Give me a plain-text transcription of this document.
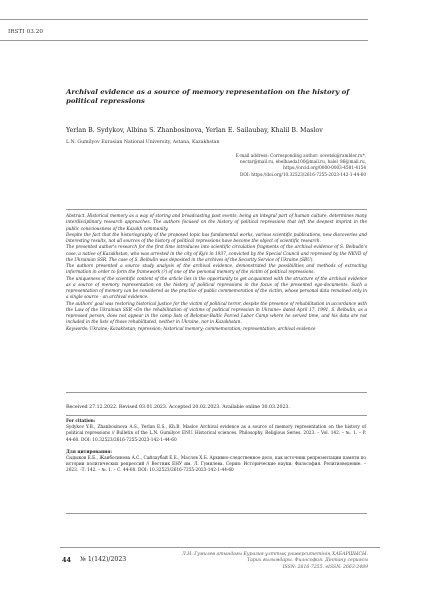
IRSTI 03.20
Archival evidence as a source of memory representation on the history of political repressions
Yerlan B. Sydykov, Albina S. Zhanbosinova, Yerlan E. Sailaubay, Khalil B. Maslov
L.N. Gumilyov Eurasian National University, Astana, Kazakhstan
E-mail address: Corresponding author: sovetsk@rambler.ru*,
nectar@mail.ru, ebelbaeda100@mail.ru, halel_86@mail.ru,
https://orcid.org/0000-0003-4581-4154
DOI: https://doi.org/10.32523/2616-7255-2023-142-1-44-60

Abstract. Historical memory as a way of storing and broadcasting past events, being an integral part of human culture, determines many interdisciplinary research approaches. The authors focused on the history of political repressions that left the deepest imprint in the public consciousness of the Kazakh community.

Despite the fact that the historiography of the proposed topic has fundamental works, various scientific publications, new discoveries and interesting results, not all sources of the history of political repressions have become the object of scientific research.

The presented author's research for the first time introduces into scientific circulation fragments of the archival evidence of S. Beibulin's case, a native of Kazakhstan, who was arrested in the city of Kyiv in 1937, convicted by the Special Council and repressed by the NKVD of the Ukrainian SSR. The case of S. Beibulin was deposited in the archives of the Security Service of Ukraine (SBU).

The authors presented a source study analysis of the archival evidence, demonstrated the possibilities and methods of extracting information in order to form the framework (?) of one of the personal memory of the victim of political repressions.

The uniqueness of the scientific content of the article lies in the opportunity to get acquainted with the structure of the archival evidence as a source of memory representation on the history of political repressions in the focus of the presented ego-documents. Such a representation of memory can be considered as the practice of public commemoration of the victim, whose personal data remained only in a single source - an archival evidence.

The authors' goal was restoring historical justice for the victim of political terror, despite the presence of rehabilitation in accordance with the Law of the Ukrainian SSR «On the rehabilitation of victims of political repression in Ukraine» dated April 17, 1991, S. Beibulin, as a repressed person, does not appear in the camp lists of Belomor-Baltic Forced Labor Camp where he served time, and his data are not included in the lists of those rehabilitated, neither in Ukraine, nor in Kazakhstan.

Keywords: Ukraine; Kazakhstan; repression; historical memory; commemoration; representation; archival evidence

Received 27.12.2022. Revised 03.01.2023. Accepted 20.02.2023. Available online 30.03.2023.

For citation:

Sydykov Y.B., Zhanbosinova A.S., Yerlan E.S., Kh.B. Maslov Archival evidence as a source of memory representation on the history of political repressions // Bulletin of the L.N. Gumilyov ENU. Historical sciences. Philosophy. Religious Series. 2023. – Vol. 142. – №. 1. – P. 44-60. DOI: 10.32523/2616-7255-2023-142-1-44-60

Для цитирования:

Сыдыков Е.Б., Жанбосинова А.С., Сайлаубай Е.Е., Маслов Х.Б. Архивно-следственное дело, как источник репрезентации памяти по истории политических репрессий // Вестник ЕНУ им. Л. Гумилева. Серия: Исторические науки. Философия. Религиоведение. – 2023. –Т. 142. – №. 1. – С. 44-60. DOI: 10.32523/2616-7255-2023-142-1-44-60

44 № 1(142)/2023
Л.Н. Гумилев атындағы Еуразия ұлттық университетінің ХАБАРШЫСЫ.
Тарих ғылымдары. Философия. Дінтану сериясы
ISSN: 2616-7255. eISSN: 2663-2489
